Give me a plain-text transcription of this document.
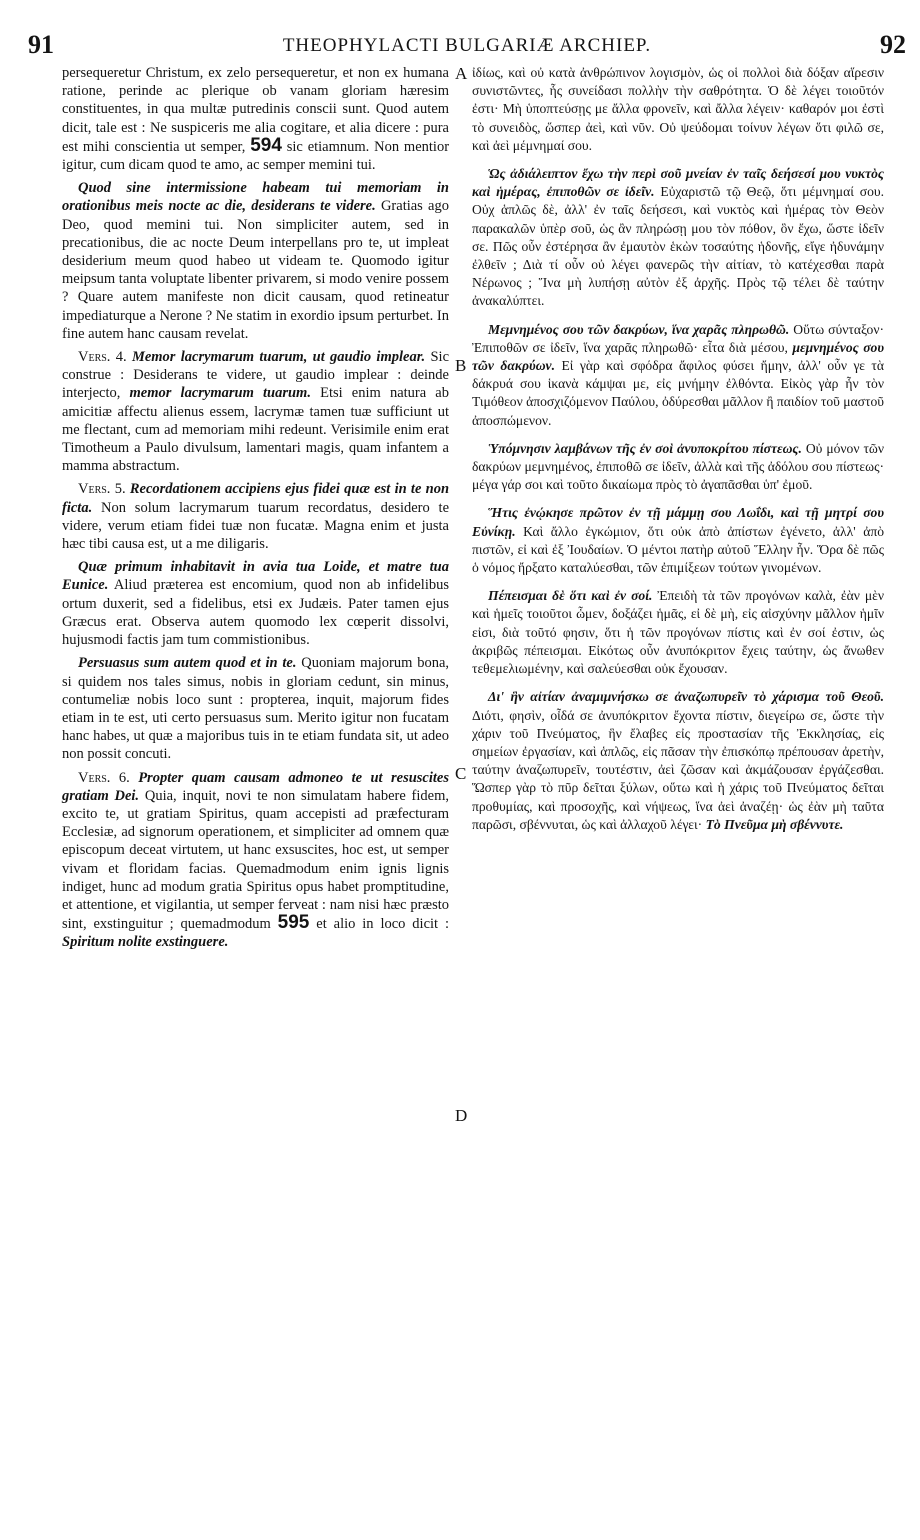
91	THEOPHYLACTI BULGARIÆ ARCHIEP.	92
A
B
C
D

persequeretur Christum, ex zelo persequeretur, et non ex humana ratione, perinde ac plerique ob vanam gloriam hæresim constituentes, in qua multæ putredinis conscii sunt. Quod autem dicit, tale est : Ne suspiceris me alia cogitare, et alia dicere : pura est mihi conscientia ut semper, 594 sic etiamnum. Non mentior igitur, cum dicam quod te amo, ac semper memini tui.

Quod sine intermissione habeam tui memoriam in orationibus meis nocte ac die, desiderans te videre. Gratias ago Deo, quod memini tui. Non simpliciter autem, sed in precationibus, die ac nocte Deum interpellans pro te, ut impleat desiderium meum quod habeo ut videam te. Quomodo igitur meipsum tanta voluptate libenter privarem, si modo venire possem ? Quare autem manifeste non dicit causam, quod retineatur impediaturque a Nerone ? Ne statim in exordio ipsum perturbet. In fine autem hanc causam revelat.

Vers. 4. Memor lacrymarum tuarum, ut gaudio implear. Sic construe : Desiderans te videre, ut gaudio implear : deinde interjecto, memor lacrymarum tuarum. Etsi enim natura ab amicitiæ affectu alienus essem, lacrymæ tamen tuæ sufficiunt ut me flectant, cum ad memoriam mihi redeunt. Verisimile enim erat Timotheum a Paulo divulsum, lamentari magis, quam infantem a mamma abstractum.

Vers. 5. Recordationem accipiens ejus fidei quæ est in te non ficta. Non solum lacrymarum tuarum recordatus, desidero te videre, verum etiam fidei tuæ non fucatæ. Magna enim et justa hæc tibi causa est, ut a me diligaris.

Quæ primum inhabitavit in avia tua Loide, et matre tua Eunice. Aliud præterea est encomium, quod non ab infidelibus ortum duxerit, sed a fidelibus, etsi ex Judæis. Pater tamen ejus Græcus erat. Observa autem quomodo lex cœperit dissolvi, hujusmodi factis jam tum commistionibus.

Persuasus sum autem quod et in te. Quoniam majorum bona, si quidem nos tales simus, nobis in gloriam cedunt, sin minus, contumeliæ nobis loco sunt : propterea, inquit, majorum fides etiam in te est, uti certo persuasus sum. Merito igitur non fucatam hanc habes, ut quæ a majoribus tuis in te etiam fundata sit, ut adeo non possit concuti.

Vers. 6. Propter quam causam admoneo te ut resuscites gratiam Dei. Quia, inquit, novi te non simulatam habere fidem, excito te, ut gratiam Spiritus, quam accepisti ad præfecturam Ecclesiæ, ad signorum operationem, et simpliciter ad omnem quæ episcopum deceat virtutem, ut hanc exsuscites, hoc est, ut semper vivam et floridam facias. Quemadmodum enim ignis lignis indiget, hunc ad modum gratia Spiritus opus habet promptitudine, et attentione, et vigilantia, ut semper ferveat : nam nisi hæc præsto sint, exstinguitur ; quemadmodum 595 et alio in loco dicit : Spiritum nolite exstinguere.

ἰδίως, καὶ οὐ κατὰ ἀνθρώπινον λογισμὸν, ὡς οἱ πολλοὶ διὰ δόξαν αἵρεσιν συνιστῶντες, ἧς συνείδασι πολλὴν τὴν σαθρότητα. Ὁ δὲ λέγει τοιοῦτόν ἐστι· Μὴ ὑποπτεύσῃς με ἄλλα φρονεῖν, καὶ ἄλλα λέγειν· καθαρόν μοι ἐστὶ τὸ συνειδὸς, ὥσπερ ἀεὶ, καὶ νῦν. Οὐ ψεύδομαι τοίνυν λέγων ὅτι φιλῶ σε, καὶ ἀεὶ μέμνημαί σου.

Ὡς ἀδιάλειπτον ἔχω τὴν περὶ σοῦ μνείαν ἐν ταῖς δεήσεσί μου νυκτὸς καὶ ἡμέρας, ἐπιποθῶν σε ἰδεῖν. Εὐχαριστῶ τῷ Θεῷ, ὅτι μέμνημαί σου. Οὐχ ἁπλῶς δὲ, ἀλλ' ἐν ταῖς δεήσεσι, καὶ νυκτὸς καὶ ἡμέρας τὸν Θεὸν παρακαλῶν ὑπὲρ σοῦ, ὡς ἂν πληρώσῃ μου τὸν πόθον, ὃν ἔχω, ὥστε ἰδεῖν σε. Πῶς οὖν ἐστέρησα ἂν ἐμαυτὸν ἑκὼν τοσαύτης ἡδονῆς, εἴγε ἠδυνάμην ἐλθεῖν ; Διὰ τί οὖν οὐ λέγει φανερῶς τὴν αἰτίαν, τὸ κατέχεσθαι παρὰ Νέρωνος ; Ἵνα μὴ λυπήσῃ αὐτὸν ἐξ ἀρχῆς. Πρὸς τῷ τέλει δὲ ταύτην ἀνακαλύπτει.

Μεμνημένος σου τῶν δακρύων, ἵνα χαρᾶς πληρωθῶ. Οὕτω σύνταξον· Ἐπιποθῶν σε ἰδεῖν, ἵνα χαρᾶς πληρωθῶ· εἶτα διὰ μέσου, μεμνημένος σου τῶν δακρύων. Εἰ γὰρ καὶ σφόδρα ἄφιλος φύσει ἤμην, ἀλλ' οὖν γε τὰ δάκρυά σου ἱκανὰ κάμψαι με, εἰς μνήμην ἐλθόντα. Εἰκὸς γὰρ ἦν τὸν Τιμόθεον ἀποσχιζόμενον Παύλου, ὀδύρεσθαι μᾶλλον ἢ παιδίον τοῦ μαστοῦ ἀποσπώμενον.

Ὑπόμνησιν λαμβάνων τῆς ἐν σοὶ ἀνυποκρίτου πίστεως. Οὐ μόνον τῶν δακρύων μεμνημένος, ἐπιποθῶ σε ἰδεῖν, ἀλλὰ καὶ τῆς ἀδόλου σου πίστεως· μέγα γάρ σοι καὶ τοῦτο δικαίωμα πρὸς τὸ ἀγαπᾶσθαι ὑπ' ἐμοῦ.

Ἥτις ἐνῴκησε πρῶτον ἐν τῇ μάμμῃ σου Λωΐδι, καὶ τῇ μητρί σου Εὐνίκῃ. Καὶ ἄλλο ἐγκώμιον, ὅτι οὐκ ἀπὸ ἀπίστων ἐγένετο, ἀλλ' ἀπὸ πιστῶν, εἰ καὶ ἐξ Ἰουδαίων. Ὁ μέντοι πατὴρ αὐτοῦ Ἕλλην ἦν. Ὅρα δὲ πῶς ὁ νόμος ἤρξατο καταλύεσθαι, τῶν ἐπιμίξεων τούτων γινομένων.

Πέπεισμαι δὲ ὅτι καὶ ἐν σοί. Ἐπειδὴ τὰ τῶν προγόνων καλὰ, ἐὰν μὲν καὶ ἡμεῖς τοιοῦτοι ὦμεν, δοξάζει ἡμᾶς, εἰ δὲ μὴ, εἰς αἰσχύνην μᾶλλον ἡμῖν εἰσι, διὰ τοῦτό φησιν, ὅτι ἡ τῶν προγόνων πίστις καὶ ἐν σοί ἐστιν, ὡς ἀκριβῶς πέπεισμαι. Εἰκότως οὖν ἀνυπόκριτον ἔχεις ταύτην, ὡς ἄνωθεν τεθεμελιωμένην, καὶ σαλεύεσθαι οὐκ ἔχουσαν.

Δι' ἣν αἰτίαν ἀναμιμνήσκω σε ἀναζωπυρεῖν τὸ χάρισμα τοῦ Θεοῦ. Διότι, φησὶν, οἶδά σε ἀνυπόκριτον ἔχοντα πίστιν, διεγείρω σε, ὥστε τὴν χάριν τοῦ Πνεύματος, ἣν ἔλαβες εἰς προστασίαν τῆς Ἐκκλησίας, εἰς σημείων ἐργασίαν, καὶ ἁπλῶς, εἰς πᾶσαν τὴν ἐπισκόπῳ πρέπουσαν ἀρετὴν, ταύτην ἀναζωπυρεῖν, τουτέστιν, ἀεὶ ζῶσαν καὶ ἀκμάζουσαν ἐργάζεσθαι. Ὥσπερ γὰρ τὸ πῦρ δεῖται ξύλων, οὕτω καὶ ἡ χάρις τοῦ Πνεύματος δεῖται προθυμίας, καὶ προσοχῆς, καὶ νήψεως, ἵνα ἀεὶ ἀναζέῃ· ὡς ἐὰν μὴ ταῦτα παρῶσι, σβέννυται, ὡς καὶ ἀλλαχοῦ λέγει· Τὸ Πνεῦμα μὴ σβέννυτε.
